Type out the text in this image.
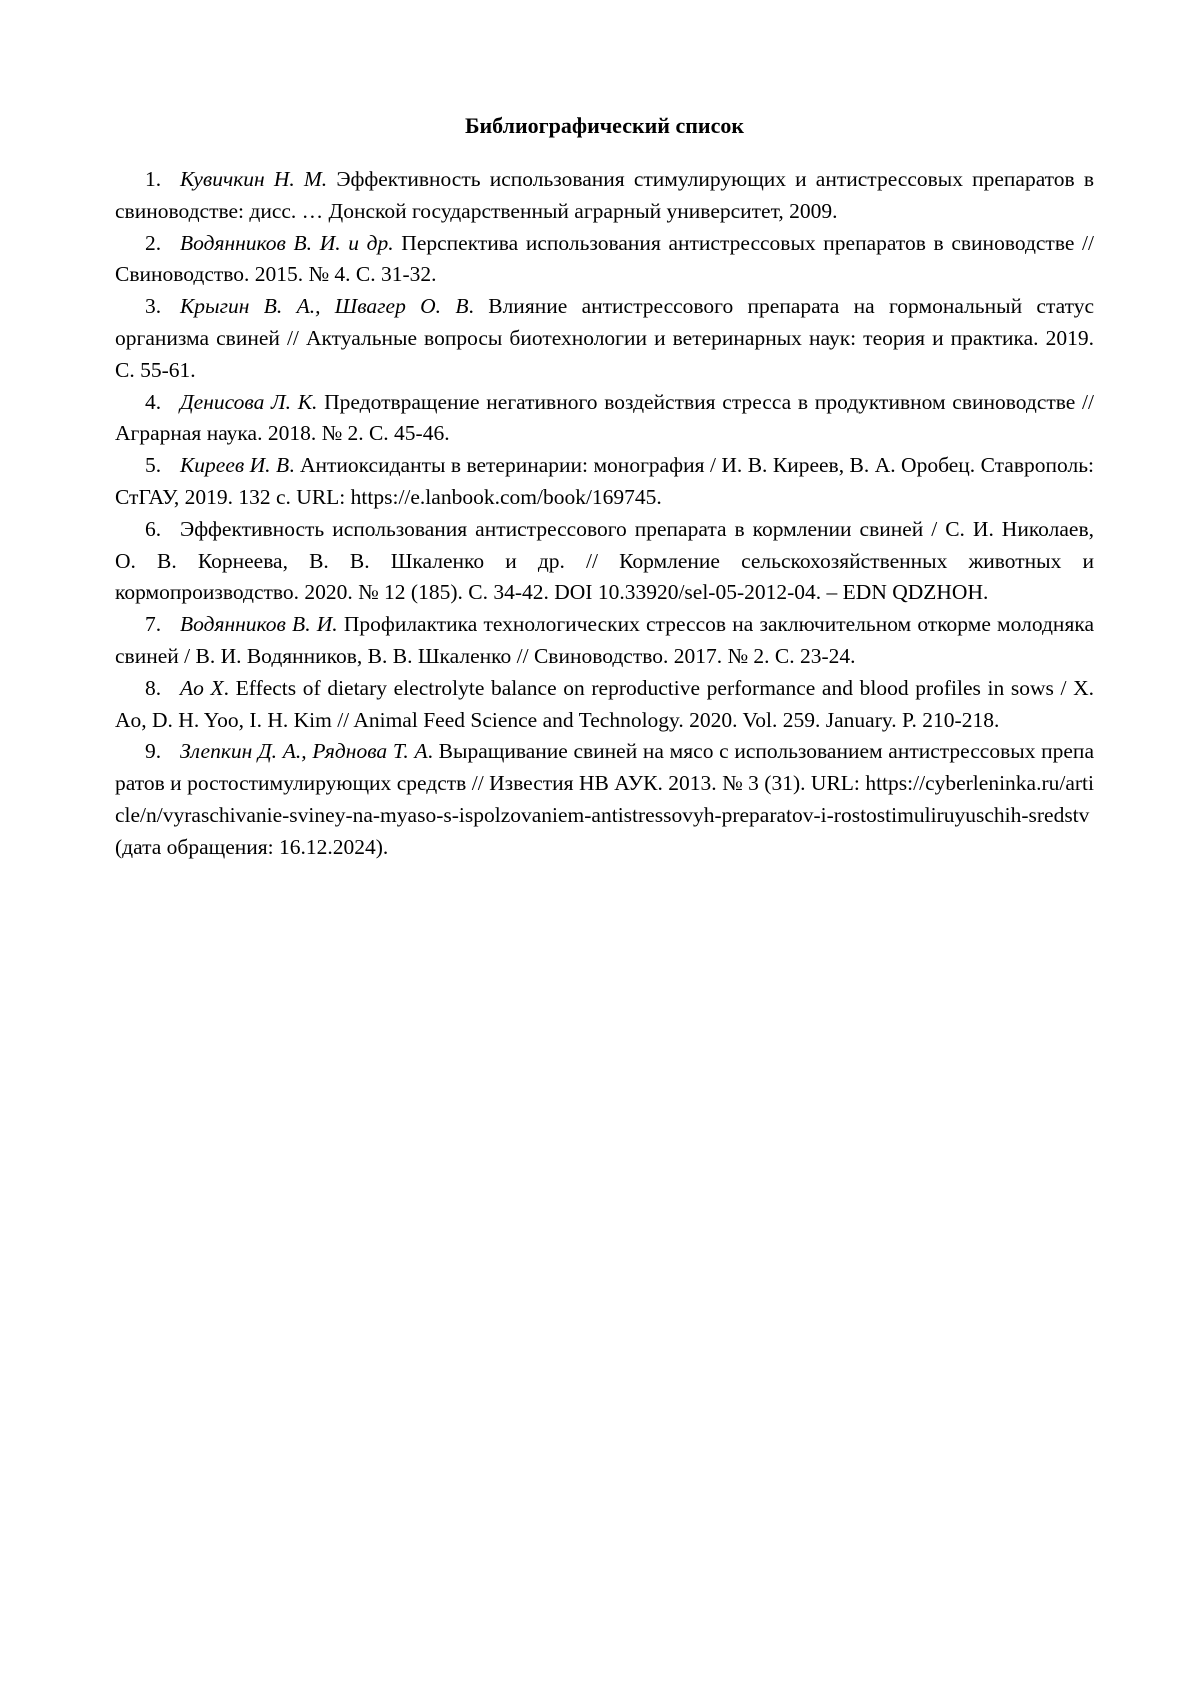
Библиографический список

1. Кувичкин Н. М. Эффективность использования стимулирующих и антистрессовых препаратов в свиноводстве: дисс. … Донской государственный аграрный университет, 2009.

2. Водянников В. И. и др. Перспектива использования антистрессовых препаратов в свиноводстве // Свиноводство. 2015. № 4. С. 31-32.

3. Крыгин В. А., Швагер О. В. Влияние антистрессового препарата на гормональный статус организма свиней // Актуальные вопросы биотехнологии и ветеринарных наук: теория и практика. 2019. С. 55-61.

4. Денисова Л. К. Предотвращение негативного воздействия стресса в продуктивном свиноводстве // Аграрная наука. 2018. № 2. С. 45-46.

5. Киреев И. В. Антиоксиданты в ветеринарии: монография / И. В. Киреев, В. А. Оробец. Ставрополь: СтГАУ, 2019. 132 с. URL: https://e.lanbook.com/book/169745.

6. Эффективность использования антистрессового препарата в кормлении свиней / С. И. Николаев, О. В. Корнеева, В. В. Шкаленко и др. // Кормление сельскохозяйственных животных и кормопроизводство. 2020. № 12 (185). С. 34-42. DOI 10.33920/sel-05-2012-04. – EDN QDZHOH.

7. Водянников В. И. Профилактика технологических стрессов на заключительном откорме молодняка свиней / В. И. Водянников, В. В. Шкаленко // Свиноводство. 2017. № 2. С. 23-24.

8. Ao X. Effects of dietary electrolyte balance on reproductive performance and blood profiles in sows / X. Ao, D. H. Yoo, I. H. Kim // Animal Feed Science and Technology. 2020. Vol. 259. January. P. 210-218.

9. Злепкин Д. А., Ряднова Т. А. Выращивание свиней на мясо с использованием антистрессовых препаратов и ростостимулирующих средств // Известия НВ АУК. 2013. № 3 (31). URL: https://cyberleninka.ru/article/n/vyraschivanie-sviney-na-myaso-s-ispolzovaniem-antistressovyh-preparatov-i-rostostimuliruyuschih-sredstv (дата обращения: 16.12.2024).
